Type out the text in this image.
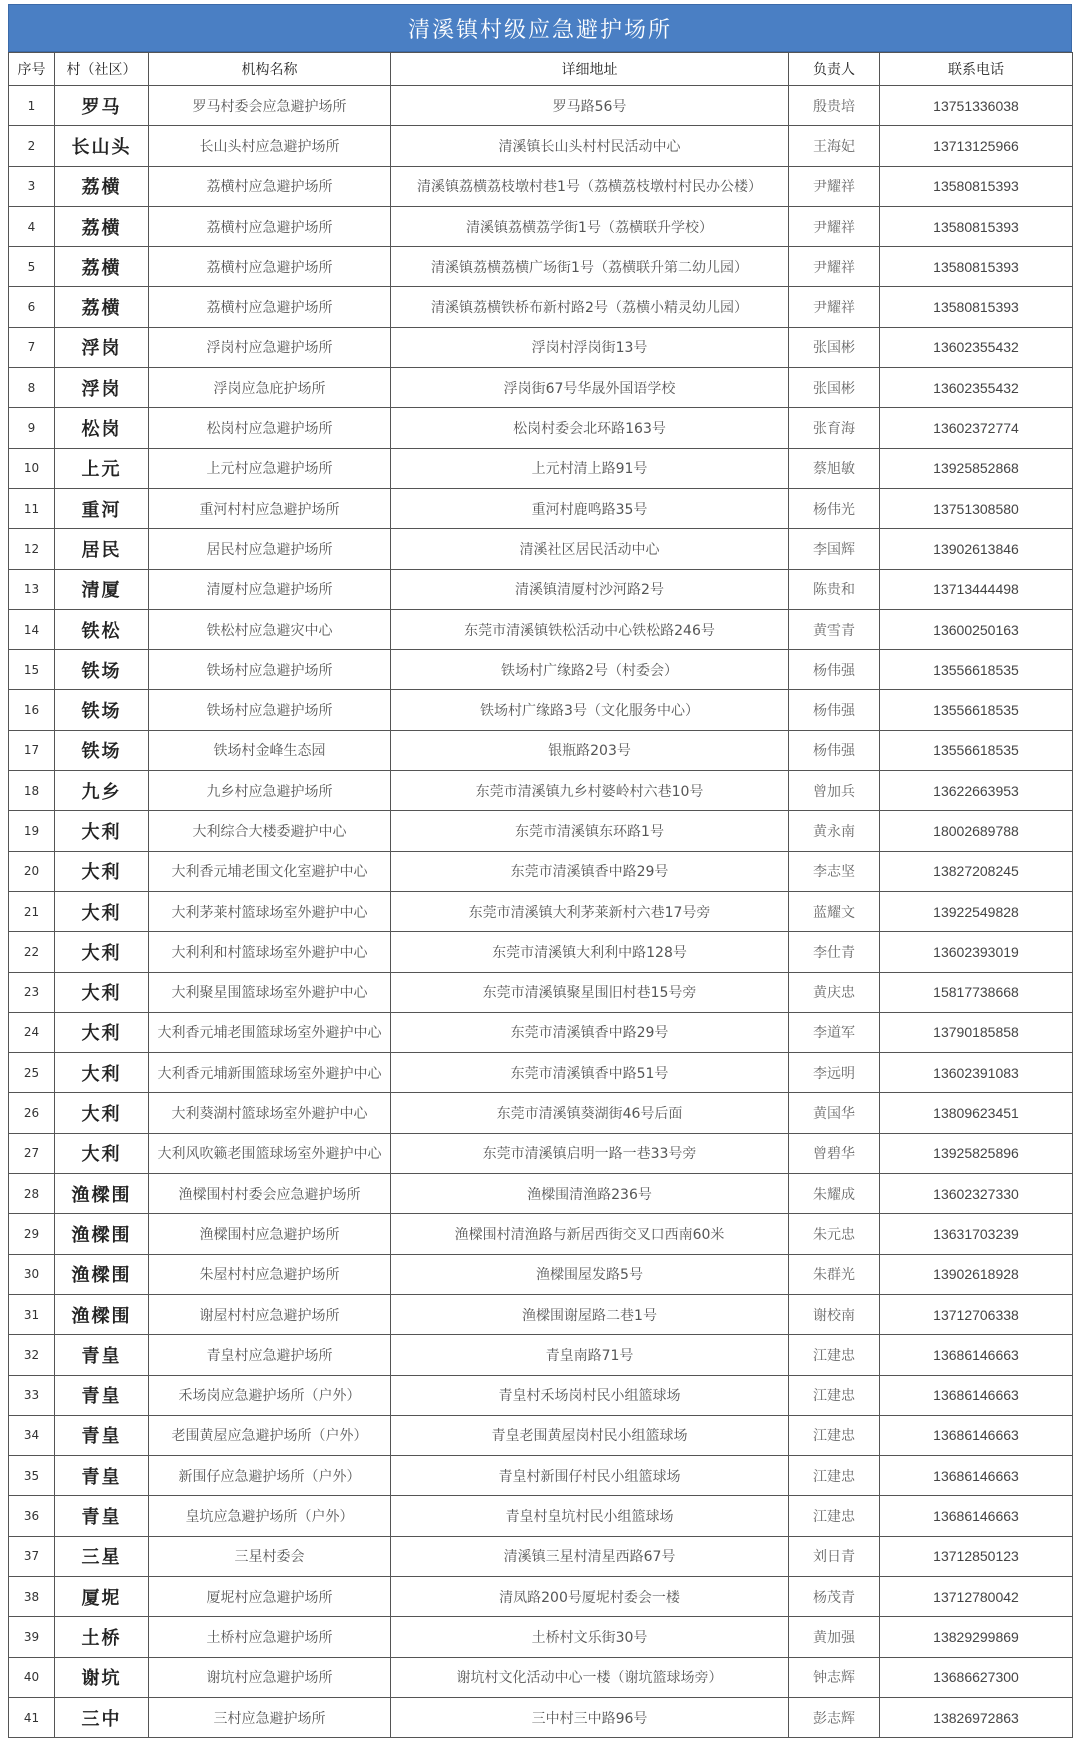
清溪镇村级应急避护场所
序号	村（社区）	机构名称	详细地址	负责人	联系电话
1	罗马	罗马村委会应急避护场所	罗马路56号	殷贵培	13751336038
2	长山头	长山头村应急避护场所	清溪镇长山头村村民活动中心	王海妃	13713125966
3	荔横	荔横村应急避护场所	清溪镇荔横荔枝墩村巷1号（荔横荔枝墩村村民办公楼）	尹耀祥	13580815393
4	荔横	荔横村应急避护场所	清溪镇荔横荔学街1号（荔横联升学校）	尹耀祥	13580815393
5	荔横	荔横村应急避护场所	清溪镇荔横荔横广场街1号（荔横联升第二幼儿园）	尹耀祥	13580815393
6	荔横	荔横村应急避护场所	清溪镇荔横铁桥布新村路2号（荔横小精灵幼儿园）	尹耀祥	13580815393
7	浮岗	浮岗村应急避护场所	浮岗村浮岗街13号	张国彬	13602355432
8	浮岗	浮岗应急庇护场所	浮岗街67号华晟外国语学校	张国彬	13602355432
9	松岗	松岗村应急避护场所	松岗村委会北环路163号	张育海	13602372774
10	上元	上元村应急避护场所	上元村清上路91号	蔡旭敏	13925852868
11	重河	重河村村应急避护场所	重河村鹿鸣路35号	杨伟光	13751308580
12	居民	居民村应急避护场所	清溪社区居民活动中心	李国辉	13902613846
13	清厦	清厦村应急避护场所	清溪镇清厦村沙河路2号	陈贵和	13713444498
14	铁松	铁松村应急避灾中心	东莞市清溪镇铁松活动中心铁松路246号	黄雪青	13600250163
15	铁场	铁场村应急避护场所	铁场村广缘路2号（村委会）	杨伟强	13556618535
16	铁场	铁场村应急避护场所	铁场村广缘路3号（文化服务中心）	杨伟强	13556618535
17	铁场	铁场村金峰生态园	银瓶路203号	杨伟强	13556618535
18	九乡	九乡村应急避护场所	东莞市清溪镇九乡村婆岭村六巷10号	曾加兵	13622663953
19	大利	大利综合大楼委避护中心	东莞市清溪镇东环路1号	黄永南	18002689788
20	大利	大利香元埔老围文化室避护中心	东莞市清溪镇香中路29号	李志坚	13827208245
21	大利	大利茅莱村篮球场室外避护中心	东莞市清溪镇大利茅莱新村六巷17号旁	蓝耀文	13922549828
22	大利	大利利和村篮球场室外避护中心	东莞市清溪镇大利利中路128号	李仕青	13602393019
23	大利	大利聚星围篮球场室外避护中心	东莞市清溪镇聚星围旧村巷15号旁	黄庆忠	15817738668
24	大利	大利香元埔老围篮球场室外避护中心	东莞市清溪镇香中路29号	李道军	13790185858
25	大利	大利香元埔新围篮球场室外避护中心	东莞市清溪镇香中路51号	李远明	13602391083
26	大利	大利葵湖村篮球场室外避护中心	东莞市清溪镇葵湖街46号后面	黄国华	13809623451
27	大利	大利风吹籁老围篮球场室外避护中心	东莞市清溪镇启明一路一巷33号旁	曾碧华	13925825896
28	渔樑围	渔樑围村村委会应急避护场所	渔樑围清渔路236号	朱耀成	13602327330
29	渔樑围	渔樑围村应急避护场所	渔樑围村清渔路与新居西街交叉口西南60米	朱元忠	13631703239
30	渔樑围	朱屋村村应急避护场所	渔樑围屋发路5号	朱群光	13902618928
31	渔樑围	谢屋村村应急避护场所	渔樑围谢屋路二巷1号	谢校南	13712706338
32	青皇	青皇村应急避护场所	青皇南路71号	江建忠	13686146663
33	青皇	禾场岗应急避护场所（户外）	青皇村禾场岗村民小组篮球场	江建忠	13686146663
34	青皇	老围黄屋应急避护场所（户外）	青皇老围黄屋岗村民小组篮球场	江建忠	13686146663
35	青皇	新围仔应急避护场所（户外）	青皇村新围仔村民小组篮球场	江建忠	13686146663
36	青皇	皇坑应急避护场所（户外）	青皇村皇坑村民小组篮球场	江建忠	13686146663
37	三星	三星村委会	清溪镇三星村清星西路67号	刘日青	13712850123
38	厦坭	厦坭村应急避护场所	清凤路200号厦坭村委会一楼	杨茂青	13712780042
39	土桥	土桥村应急避护场所	土桥村文乐街30号	黄加强	13829299869
40	谢坑	谢坑村应急避护场所	谢坑村文化活动中心一楼（谢坑篮球场旁）	钟志辉	13686627300
41	三中	三村应急避护场所	三中村三中路96号	彭志辉	13826972863
